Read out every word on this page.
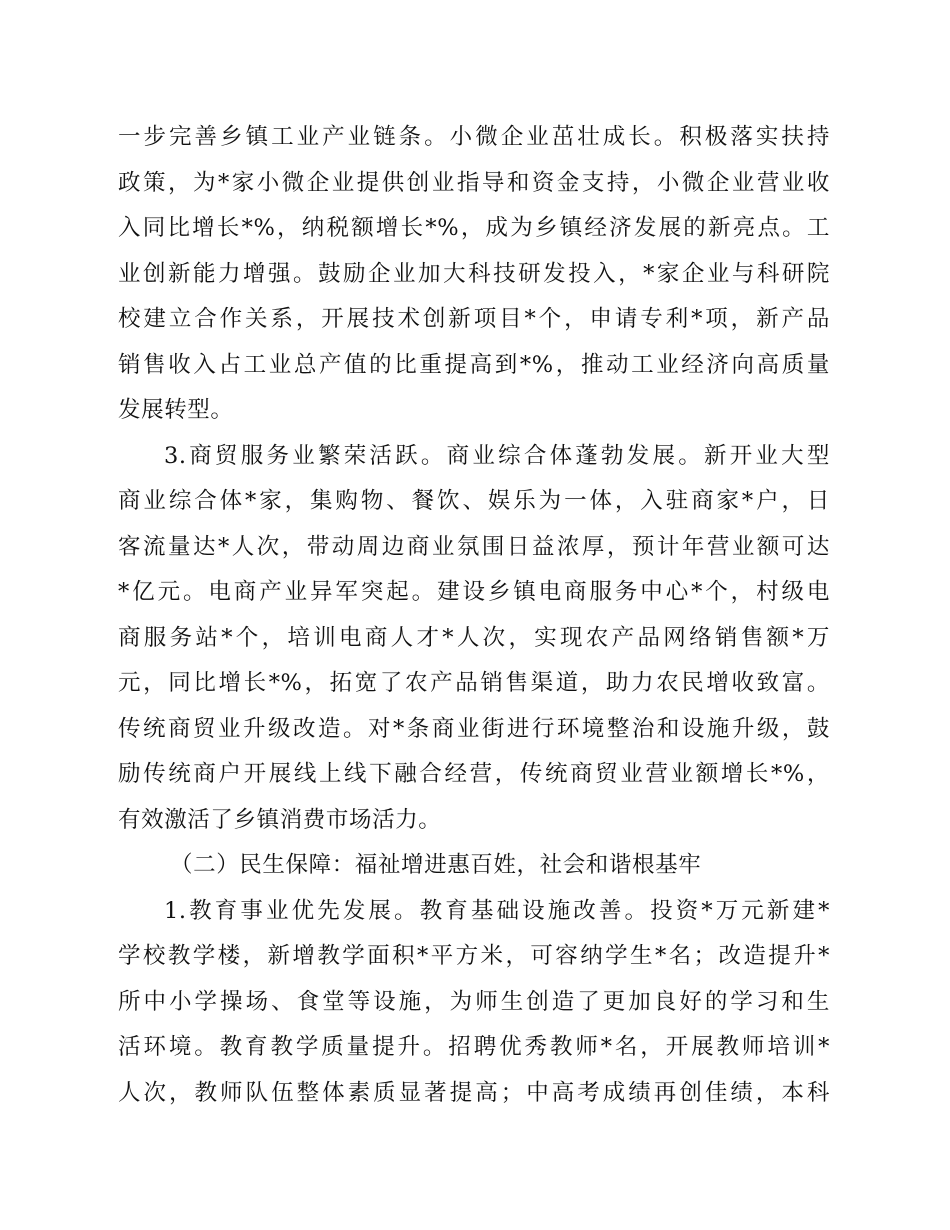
一步完善乡镇工业产业链条。小微企业茁壮成长。积极落实扶持
政策，为*家小微企业提供创业指导和资金支持，小微企业营业收
入同比增长*%，纳税额增长*%，成为乡镇经济发展的新亮点。工
业创新能力增强。鼓励企业加大科技研发投入，*家企业与科研院
校建立合作关系，开展技术创新项目*个，申请专利*项，新产品
销售收入占工业总产值的比重提高到*%，推动工业经济向高质量
发展转型。
3.商贸服务业繁荣活跃。商业综合体蓬勃发展。新开业大型
商业综合体*家，集购物、餐饮、娱乐为一体，入驻商家*户，日
客流量达*人次，带动周边商业氛围日益浓厚，预计年营业额可达
*亿元。电商产业异军突起。建设乡镇电商服务中心*个，村级电
商服务站*个，培训电商人才*人次，实现农产品网络销售额*万
元，同比增长*%，拓宽了农产品销售渠道，助力农民增收致富。
传统商贸业升级改造。对*条商业街进行环境整治和设施升级，鼓
励传统商户开展线上线下融合经营，传统商贸业营业额增长*%，
有效激活了乡镇消费市场活力。
（二）民生保障：福祉增进惠百姓，社会和谐根基牢
1.教育事业优先发展。教育基础设施改善。投资*万元新建*
学校教学楼，新增教学面积*平方米，可容纳学生*名；改造提升*
所中小学操场、食堂等设施，为师生创造了更加良好的学习和生
活环境。教育教学质量提升。招聘优秀教师*名，开展教师培训*
人次，教师队伍整体素质显著提高；中高考成绩再创佳绩，本科
